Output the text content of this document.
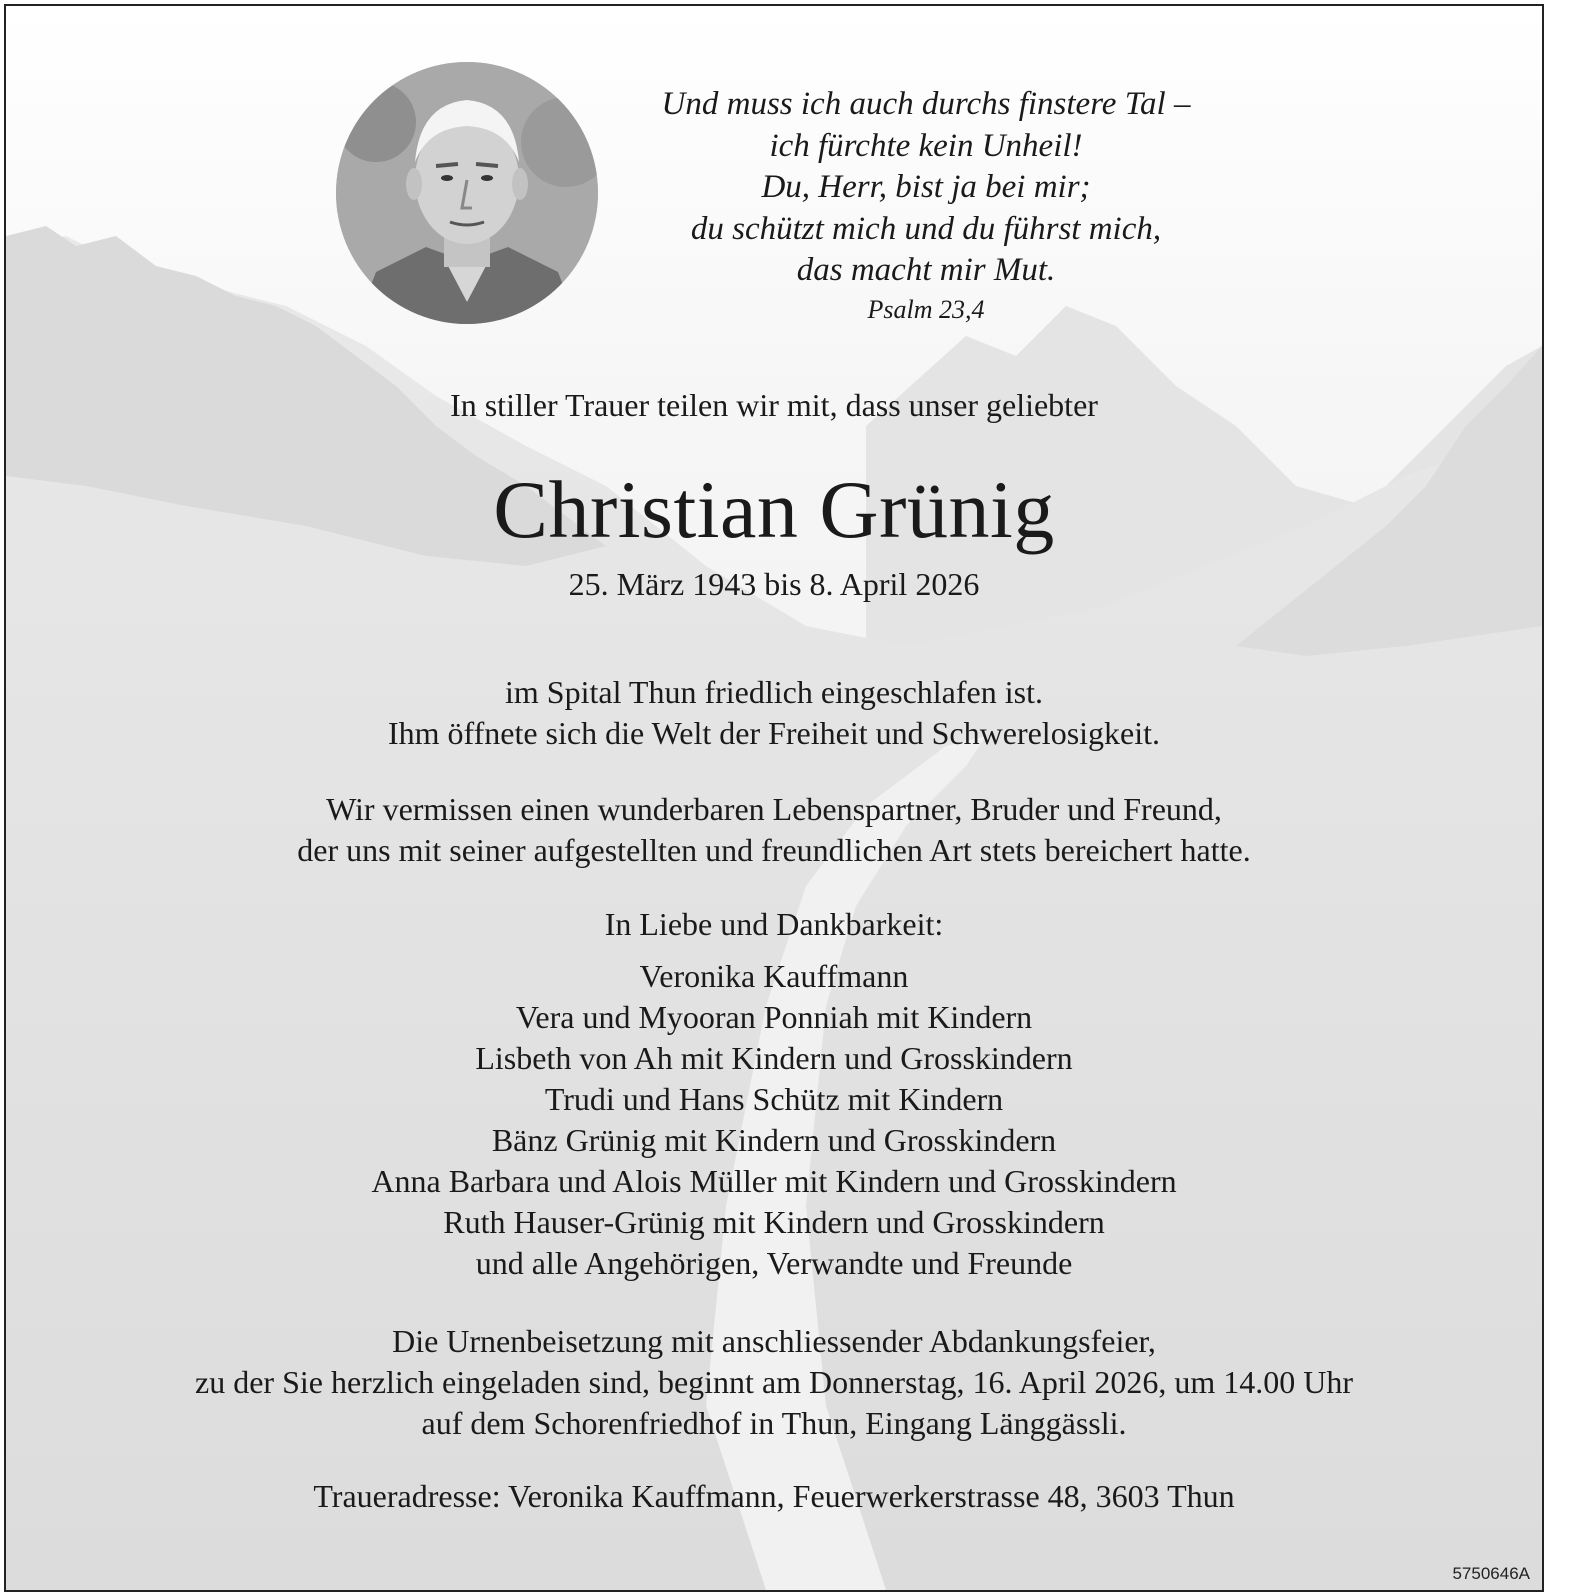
Und muss ich auch durchs finstere Tal –
ich fürchte kein Unheil!
Du, Herr, bist ja bei mir;
du schützt mich und du führst mich,
das macht mir Mut.
Psalm 23,4
In stiller Trauer teilen wir mit, dass unser geliebter
Christian Grünig
25. März 1943 bis 8. April 2026
im Spital Thun friedlich eingeschlafen ist.
Ihm öffnete sich die Welt der Freiheit und Schwerelosigkeit.
Wir vermissen einen wunderbaren Lebenspartner, Bruder und Freund,
der uns mit seiner aufgestellten und freundlichen Art stets bereichert hatte.
In Liebe und Dankbarkeit:
Veronika Kauffmann
Vera und Myooran Ponniah mit Kindern
Lisbeth von Ah mit Kindern und Grosskindern
Trudi und Hans Schütz mit Kindern
Bänz Grünig mit Kindern und Grosskindern
Anna Barbara und Alois Müller mit Kindern und Grosskindern
Ruth Hauser-Grünig mit Kindern und Grosskindern
und alle Angehörigen, Verwandte und Freunde
Die Urnenbeisetzung mit anschliessender Abdankungsfeier,
zu der Sie herzlich eingeladen sind, beginnt am Donnerstag, 16. April 2026, um 14.00 Uhr
auf dem Schorenfriedhof in Thun, Eingang Länggässli.
Traueradresse: Veronika Kauffmann, Feuerwerkerstrasse 48, 3603 Thun
5750646A
